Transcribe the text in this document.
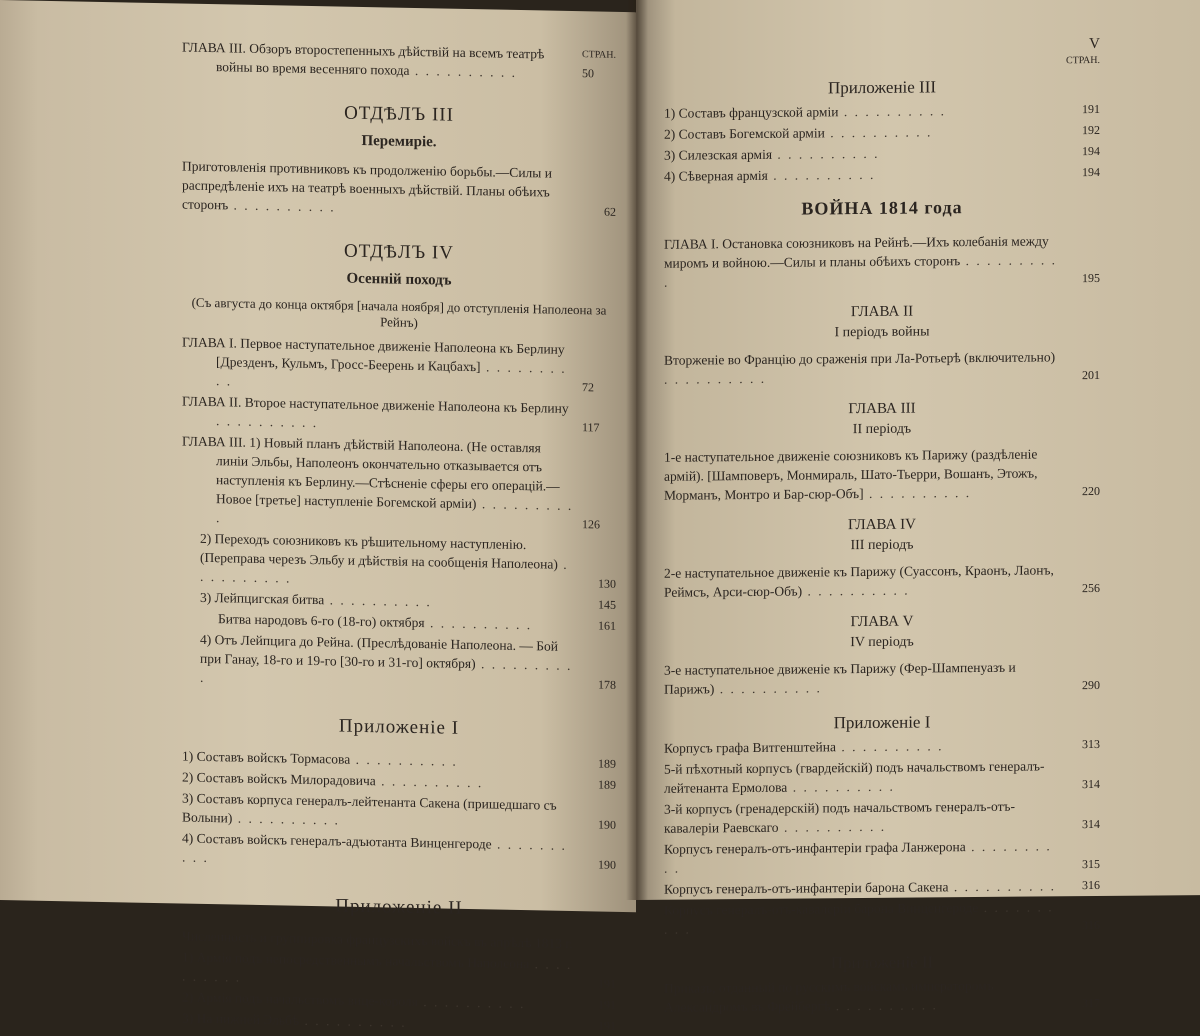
ГЛАВА III. Обзоръ второстепенныхъ дѣйствій на всемъ театрѣ войны во время весенняго похода . . .	50
СТРАН.
ОТДѢЛЪ III
Перемиріе.
Приготовленія противниковъ къ продолженію борьбы.—Силы и распредѣленіе ихъ на театрѣ военныхъ дѣйствій. Планы обѣихъ сторонъ . . .	62
ОТДѢЛЪ IV
Осенній походъ
(Съ августа до конца октября [начала ноября] до отступленія Наполеона за Рейнъ)
ГЛАВА I. Первое наступательное движеніе Наполеона къ Берлину [Дрезденъ, Кульмъ, Гросс-Беерень и Кацбахъ] . . .
72
ГЛАВА II. Второе наступательное движеніе Наполеона къ Берлину . . .
117
ГЛАВА III. 1) Новый планъ дѣйствій Наполеона. (Не оставляя линіи Эльбы, Наполеонъ окончательно отказывается отъ наступленія къ Берлину.—Стѣсненіе сферы его операцій.—Новое [третье] наступленіе Богемской арміи) . . .
126
2) Переходъ союзниковъ къ рѣшительному наступленію. (Переправа черезъ Эльбу и дѣйствія на сообщенія Наполеона) . . .
130
3) Лейпцигская битва . . .	145
Битва народовъ 6-го (18-го) октября . . .	161
4) Отъ Лейпцига до Рейна. (Преслѣдованіе Наполеона. — Бой при Ганау, 18-го и 19-го [30-го и 31-го] октября) . . .
178
Приложеніе I
1) Составъ войскъ Тормасова . . .	189
2) Составъ войскъ Милорадовича . . .	189
3) Составъ корпуса генералъ-лейтенанта Сакена (пришедшаго съ Волыни) . . .	190
4) Составъ войскъ генералъ-адъютанта Винценгероде . . .
190
Приложеніе II
Численность и группировка французскихъ войскъ въ апрѣлѣ 1813 г.
1) Армія подъ непосредственнымъ начальствомъ Наполеона . . .
191
2) Армія подъ начальствомъ вице-короля . . .	191
3) На нижней Эльбѣ . . .	191
V
СТРАН.
Приложеніе III
1) Составъ французской арміи . . .	191
2) Составъ Богемской арміи . . .	192
3) Силезская армія . . .	194
4) Сѣверная армія . . .	194
ВОЙНА 1814 года
ГЛАВА I. Остановка союзниковъ на Рейнѣ.—Ихъ колебанія между миромъ и войною.—Силы и планы обѣихъ сторонъ . . .
195
ГЛАВА II
I періодъ войны
Вторженіе во Францію до сраженія при Ла-Ротьерѣ (включительно) . . .
201
ГЛАВА III
II періодъ
1-е наступательное движеніе союзниковъ къ Парижу (раздѣленіе армій). [Шамповеръ, Монмираль, Шато-Тьерри, Вошанъ, Этожъ, Морманъ, Монтро и Бар-сюр-Объ] . . .	220
ГЛАВА IV
III періодъ
2-е наступательное движеніе къ Парижу (Суассонъ, Краонъ, Лаонъ, Реймсъ, Арси-сюр-Объ) . . .	256
ГЛАВА V
IV періодъ
3-е наступательное движеніе къ Парижу (Фер-Шампенуазъ и Парижъ) . . .	290
Приложеніе I
Корпусъ графа Витгенштейна . . .	313
5-й пѣхотный корпусъ (гвардейскій) подъ начальствомъ генералъ-лейтенанта Ермолова . . .	314
3-й корпусъ (гренадерскій) подъ начальствомъ генералъ-отъ-кавалеріи Раевскаго . . .	314
Корпусъ генералъ-отъ-инфантеріи графа Ланжерона . . .
315
Корпусъ генералъ-отъ-инфантеріи барона Сакена . . .	316
Корпусъ генералъ-отъ-кавалеріи барона Винценгероде . . .
316
Приложеніе II
Приказъ, отданный по русскимъ войскамъ императоромъ Александромъ въ Фрейбергѣ . . .	317
